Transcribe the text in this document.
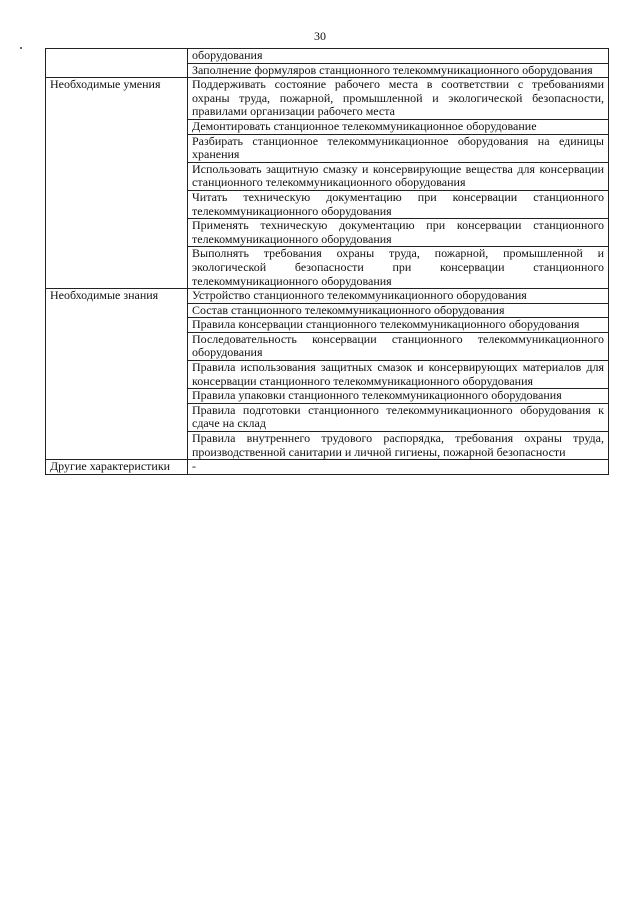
30
	оборудования
	Заполнение формуляров станционного телекоммуникационного оборудования
Необходимые умения	Поддерживать состояние рабочего места в соответствии с требованиями охраны труда, пожарной, промышленной и экологической безопасности, правилами организации рабочего места
	Демонтировать станционное телекоммуникационное оборудование
	Разбирать станционное телекоммуникационное оборудования на единицы хранения
	Использовать защитную смазку и консервирующие вещества для консервации станционного телекоммуникационного оборудования
	Читать техническую документацию при консервации станционного телекоммуникационного оборудования
	Применять техническую документацию при консервации станционного телекоммуникационного оборудования
	Выполнять требования охраны труда, пожарной, промышленной и экологической безопасности при консервации станционного телекоммуникационного оборудования
Необходимые знания	Устройство станционного телекоммуникационного оборудования
	Состав станционного телекоммуникационного оборудования
	Правила консервации станционного телекоммуникационного оборудования
	Последовательность консервации станционного телекоммуникационного оборудования
	Правила использования защитных смазок и консервирующих материалов для консервации станционного телекоммуникационного оборудования
	Правила упаковки станционного телекоммуникационного оборудования
	Правила подготовки станционного телекоммуникационного оборудования к сдаче на склад
	Правила внутреннего трудового распорядка, требования охраны труда, производственной санитарии и личной гигиены, пожарной безопасности
Другие характеристики	-
